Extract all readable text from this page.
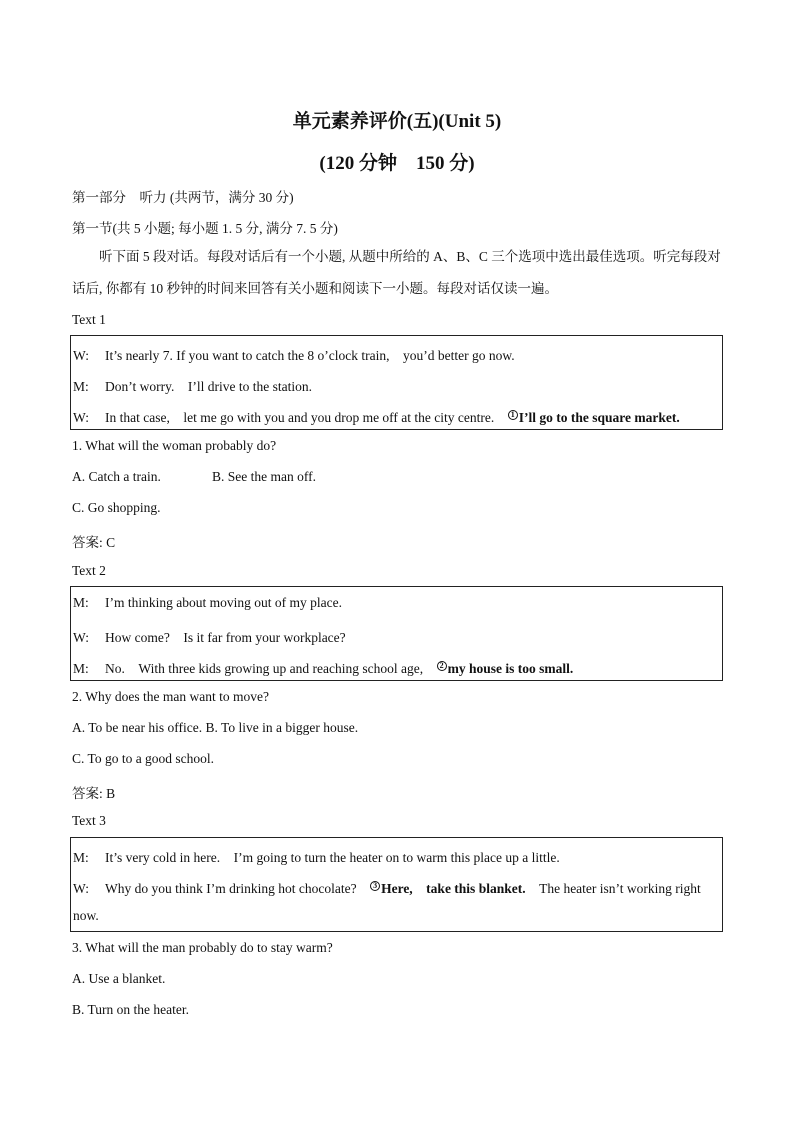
单元素养评价(五)(Unit 5)
(120 分钟　150 分)
第一部分　听力 (共两节，满分 30 分)
第一节(共 5 小题; 每小题 1. 5 分, 满分 7. 5 分)
听下面 5 段对话。每段对话后有一个小题, 从题中所给的 A、B、C 三个选项中选出最佳选项。听完每段对话后, 你都有 10 秒钟的时间来回答有关小题和阅读下一小题。每段对话仅读一遍。
Text 1
W: It’s nearly 7. If you want to catch the 8 o’clock train,　you’d better go now.
M: Don’t worry.　I’ll drive to the station.
W: In that case,　let me go with you and you drop me off at the city centre.　1 I’ll go to the square market.
1. What will the woman probably do?
A. Catch a train.	B. See the man off.
C. Go shopping.
答案: C
Text 2
M: I’m thinking about moving out of my place.
W: How come?　Is it far from your workplace?
M: No.　With three kids growing up and reaching school age,　2 my house is too small.
2. Why does the man want to move?
A. To be near his office. B. To live in a bigger house.
C. To go to a good school.
答案: B
Text 3
M: It’s very cold in here.　I’m going to turn the heater on to warm this place up a little.
W: Why do you think I’m drinking hot chocolate?　3 Here,　take this blanket.　The heater isn’t working right
now.
3. What will the man probably do to stay warm?
A. Use a blanket.
B. Turn on the heater.
